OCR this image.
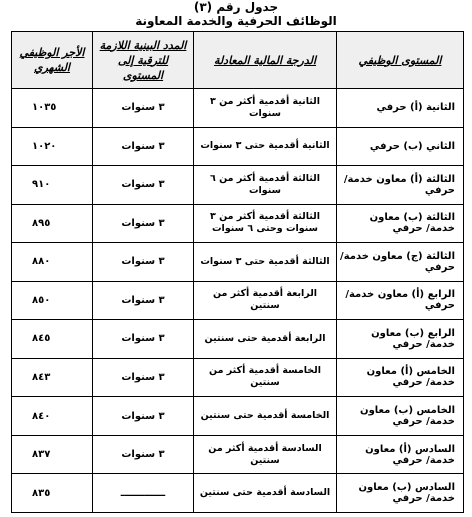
جدول رقم (٣)

الوظائف الحرفية والخدمة المعاونة

المستوى الوظيفي	الدرجة المالية المعادلة	المدد البينية اللازمة للترقية إلى المستوى	الأجر الوظيفي الشهري
الثانية (أ) حرفي	الثانية أقدمية أكثر من ٣ سنوات	٣ سنوات	١٠٣٥
الثاني (ب) حرفي	الثانية أقدمية حتى ٣ سنوات	٣ سنوات	١٠٢٠
الثالثة (أ) معاون خدمة/ حرفي	الثالثة أقدمية أكثر من ٦ سنوات	٣ سنوات	٩١٠
الثالثة (ب) معاون خدمة/ حرفي	الثالثة أقدمية أكثر من ٣ سنوات وحتى ٦ سنوات	٣ سنوات	٨٩٥
الثالثة (ج) معاون خدمة/ حرفي	الثالثة أقدمية حتى ٣ سنوات	٣ سنوات	٨٨٠
الرابع (أ) معاون خدمة/ حرفي	الرابعة أقدمية أكثر من سنتين	٣ سنوات	٨٥٠
الرابع (ب) معاون خدمة/ حرفي	الرابعة أقدمية حتى سنتين	٣ سنوات	٨٤٥
الخامس (أ) معاون خدمة/ حرفي	الخامسة أقدمية أكثر من سنتين	٣ سنوات	٨٤٣
الخامس (ب) معاون خدمة/ حرفي	الخامسة أقدمية حتى سنتين	٣ سنوات	٨٤٠
السادس (أ) معاون خدمة/ حرفي	السادسة أقدمية أكثر من سنتين	٣ سنوات	٨٣٧
السادس (ب) معاون خدمة/ حرفي	السادسة أقدمية حتى سنتين	ـــــــــــــ	٨٣٥
